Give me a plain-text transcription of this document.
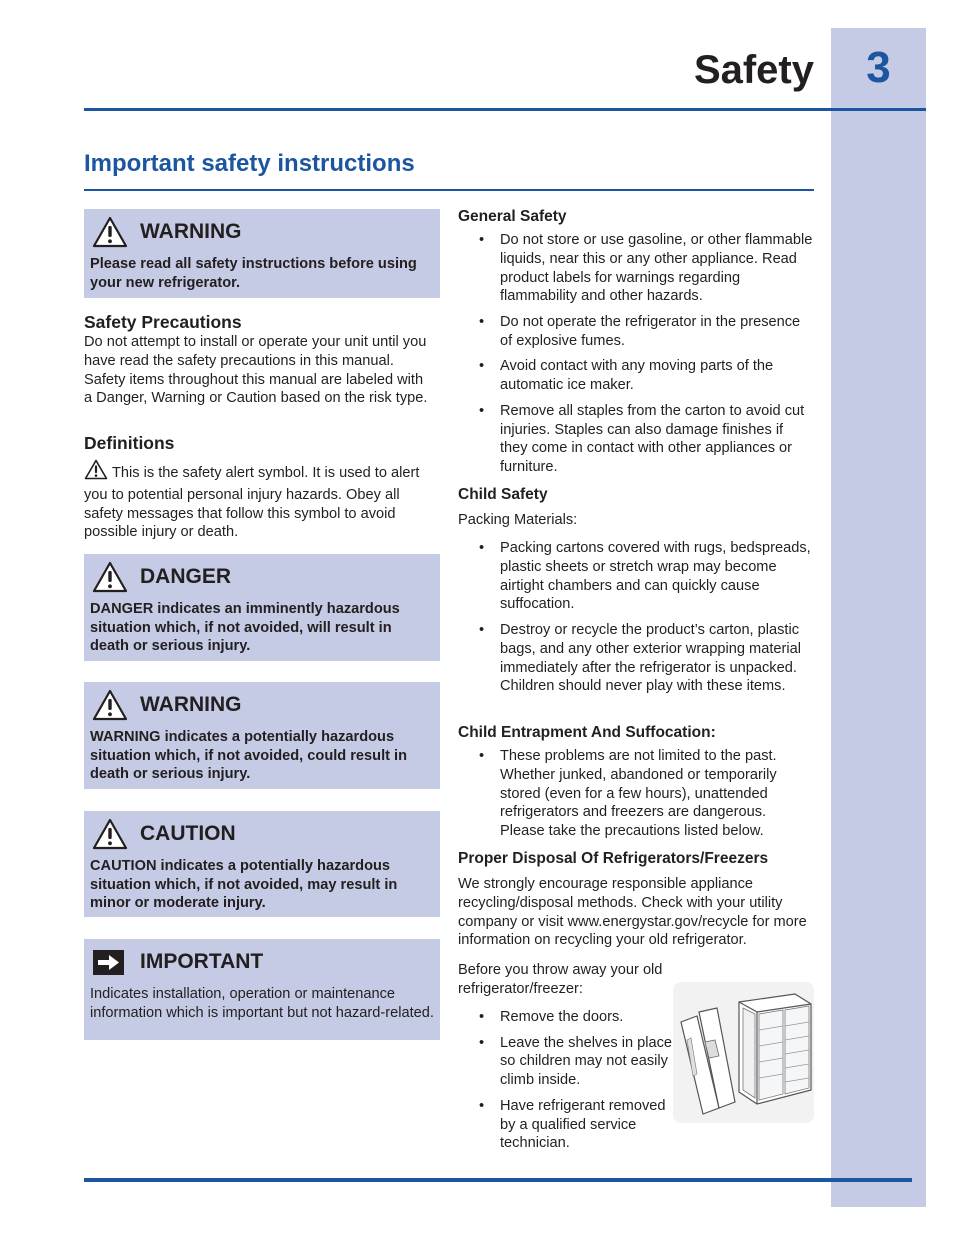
3
Safety
Important safety instructions
WARNING

Please read all safety instructions before using your new refrigerator.

Safety Precautions

Do not attempt to install or operate your unit until you have read the safety precautions in this manual. Safety items throughout this manual are labeled with a Danger, Warning or Caution based on the risk type.

Definitions

This is the safety alert symbol. It is used to alert you to potential personal injury hazards. Obey all safety messages that follow this symbol to avoid possible injury or death.

DANGER

DANGER indicates an imminently hazardous situation which, if not avoided, will result in death or serious injury.

WARNING

WARNING indicates a potentially hazardous situation which, if not avoided, could result in death or serious injury.

CAUTION

CAUTION indicates a potentially hazardous situation which, if not avoided, may result in minor or moderate injury.

IMPORTANT

Indicates installation, operation or maintenance information which is important but not hazard-related.

General Safety
• Do not store or use gasoline, or other flammable liquids, near this or any other appliance. Read product labels for warnings regarding flammability and other hazards.
• Do not operate the refrigerator in the presence of explosive fumes.
• Avoid contact with any moving parts of the automatic ice maker.
• Remove all staples from the carton to avoid cut injuries. Staples can also damage finishes if they come in contact with other appliances or furniture.
Child Safety

Packing Materials:

• Packing cartons covered with rugs, bedspreads, plastic sheets or stretch wrap may become airtight chambers and can quickly cause suffocation.
• Destroy or recycle the product’s carton, plastic bags, and any other exterior wrapping material immediately after the refrigerator is unpacked. Children should never play with these items.
Child Entrapment And Suffocation:
• These problems are not limited to the past. Whether junked, abandoned or temporarily stored (even for a few hours), unattended refrigerators and freezers are dangerous. Please take the precautions listed below.
Proper Disposal Of Refrigerators/Freezers

We strongly encourage responsible appliance recycling/disposal methods. Check with your utility company or visit www.energystar.gov/recycle for more information on recycling your old refrigerator.

Before you throw away your old refrigerator/freezer:

• Remove the doors.
• Leave the shelves in place so children may not easily climb inside.
• Have refrigerant removed by a qualified service technician.
